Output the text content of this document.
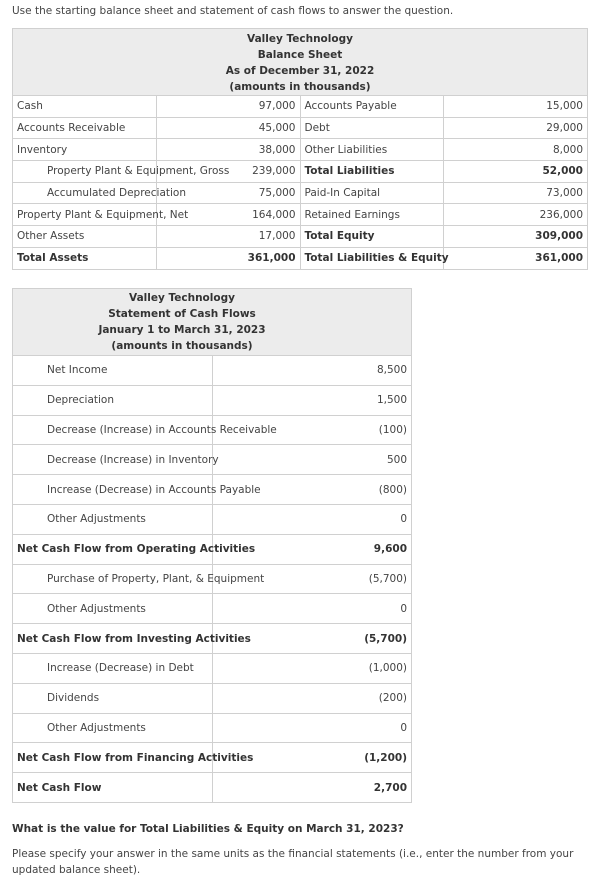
Use the starting balance sheet and statement of cash flows to answer the question.
Valley Technology
Balance Sheet
As of December 31, 2022
(amounts in thousands)			

Cash	97,000	Accounts Payable	15,000
Accounts Receivable	45,000	Debt	29,000
Inventory	38,000	Other Liabilities	8,000
Property Plant & Equipment, Gross	239,000	Total Liabilities	52,000
Accumulated Depreciation	75,000	Paid-In Capital	73,000
Property Plant & Equipment, Net	164,000	Retained Earnings	236,000
Other Assets	17,000	Total Equity	309,000
Total Assets	361,000	Total Liabilities & Equity	361,000
Valley Technology
Statement of Cash Flows
January 1 to March 31, 2023
(amounts in thousands)	

Net Income	8,500
Depreciation	1,500
Decrease (Increase) in Accounts Receivable	(100)
Decrease (Increase) in Inventory	500
Increase (Decrease) in Accounts Payable	(800)
Other Adjustments	0
Net Cash Flow from Operating Activities	9,600
Purchase of Property, Plant, & Equipment	(5,700)
Other Adjustments	0
Net Cash Flow from Investing Activities	(5,700)
Increase (Decrease) in Debt	(1,000)
Dividends	(200)
Other Adjustments	0
Net Cash Flow from Financing Activities	(1,200)
Net Cash Flow	2,700
What is the value for Total Liabilities & Equity on March 31, 2023?
Please specify your answer in the same units as the financial statements (i.e., enter the number from your updated balance sheet).
